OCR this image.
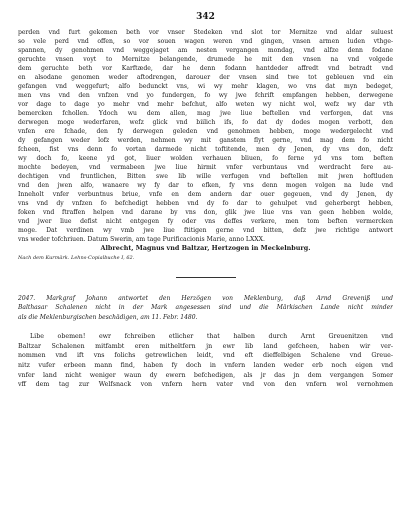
342

perden vnd furt gekomen beth vor vnser Stedeken vnd slot tor Mernitze vnd aldar suluest

so vele perd vnd offen, so vor souen wagen weren vnd gingen, vnsen armen luden vthge-

spannen, dy genohmen vnd weggejaget am nesten vergangen mondag, vnd alfze denn fodane

geruchte vnsen voyt to Mernitze belangende, drumede he mit den vnsen na vnd volgede

dem geruchte beth vor Karftæde, dar he denn fodann hantdeder affredt vnd betradt vnd

en alsodane genomen weder aftodrengen, darouer der vnsen sind twe tot gebleuen vnd ein

gefangen vnd weggefurt; alfo bedunckt vns, wi wy mehr klagen, wo vns dat myn bedeget,

men vns vnd den vnfzen vnd yo fundergen, fo wy jwe fchrift empfangen hebben, derwegene

vor dage to dage yo mehr vnd mehr befchut, alfo weten wy nicht wol, wefz wy dar vth

bemercken fchollen. Ydoch wu dem allen, mag jwe liue beftellen vnd verforgen, dat vns

derwegen moge wederfaren, wefz glick vnd biilich ifs, fo dat dy dodes mogen verbott, den

vnfen ere fchade, den fy derwegen geleden vnd genohmen hebben, moge wedergelecht vnd

dy gefangen weder lofz werden, nehmen wy mit ganstem flyt gerne, vnd mag dem fo nicht

fcheen, fist vns denn fo vortan darmede nicht toftitende, men dy Jenen, dy vns don, defz

wy doch fo, keene yd got, liuer wolden verhauen bliuen, fo ferne yd vns tom beften

mochte bedeyen, vnd vermabeen jwe liue hirmit vnfer verbuntaus vnd werdracht fere au-

dechtigen vnd fruntlichen, Bitten swe lib wille verfugen vnd beftellen mit jwen hoftluden

vnd den jwen alfo, wanaere wy fy dar to efken, fy vns denn mogen volgen na lude vnd

Inneholt vnfer verbuntnus briue, vnfe en dem andern dar ouer gegeuen, vnd dy Jenen, dy

vns vnd dy vnfzen fo befchedigt hebben vnd dy fo dar to gehulpet vnd geherbergt hebben,

foken vnd ftraffen helpen vnd darane by vns don, glik jwe liue vns van geen hebben wolde,

vnd jwer liue defist nicht entgegen fy oder vns deffes verkere, men tom beften vermercken

moge. Dat verdinen wy vmb jwe liue ftitigen gerne vnd bitten, defz jwe richtige antwort

vns weder tofchriuen. Datum Swerin, am tage Purificacionis Marie, anno LXXX.

Albrecht, Magnus vnd Baltzar, Hertzogen in Meckelnburg.
Nach dem Kurmärk. Lehns-Copialbuche I, 62.

2047. Markgraf Johann antwortet den Herzögen von Meklenburg, daß Arnd Greveniß und

Balthasar Schalenen nicht in der Mark angesessen sind und die Märkischen Lande nicht minder

als die Meklenburgischen beschädigen, am 11. Febr. 1480.

Libe obemen! ewr fchreiben etlicher that halben durch Arnt Greuenitzen vnd

Baltzar Schalenen mitfambt eren mitheltfern jn ewr lib land gefcheen, haben wir ver-

nommen vnd ift vns folichs getrewlichen leidt, vnd eft dieffelbigen Schalene vnd Greue-

nitz vufer erbeen mann find, haben fy doch in vnfern landen weder erb noch eigen vnd

vnfer land nicht weniger waun dy ewern befchedigen, als jr das jn dem vergangen Somer

vff dem tag zur Welfsnack von vnfern hern vater vnd von den vnfern wol vernohmen
